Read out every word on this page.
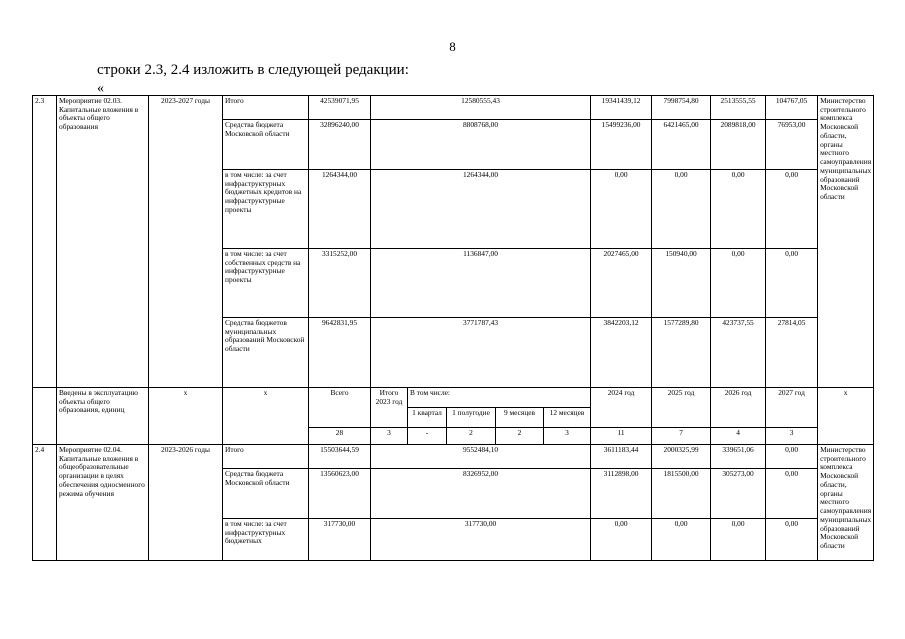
8
строки 2.3, 2.4 изложить в следующей редакции:
«
2.3	Мероприятие 02.03. Капитальные вложения в объекты общего образования	2023-2027 годы	Итого	42539071,95	12580555,43					19341439,12	7998754,80	2513555,55	104767,05	Министерство строительного комплекса Московской области, органы местного самоуправления муниципальных образований Московской области
			Средства бюджета Московской области	32896240,00	8808768,00					15499236,00	6421465,00	2089818,00	76953,00	
			в том числе: за счет инфраструктурных бюджетных кредитов на инфраструктурные проекты	1264344,00	1264344,00					0,00	0,00	0,00	0,00	
			в том числе: за счет собственных средств на инфраструктурные проекты	3315252,00	1136847,00					2027465,00	150940,00	0,00	0,00	
			Средства бюджетов муниципальных образований Московской области	9642831,95	3771787,43					3842203,12	1577289,80	423737,55	27814,05	
	Введены в эксплуатацию объекты общего образования, единиц	х	х	Всего	Итого 2023 год	В том числе:				2024 год	2025 год	2026 год	2027 год	х
						1 квартал	1 полугодие	9 месяцев	12 месяцев					
				28	3	-	2	2	3	11	7	4	3	
2.4	Мероприятие 02.04. Капитальные вложения в общеобразовательные организации в целях обеспечения односменного режима обучения	2023-2026 годы	Итого	15503644,59	9552484,10					3611183,44	2000325,99	339651,06	0,00	Министерство строительного комплекса Московской области, органы местного самоуправления муниципальных образований Московской области
			Средства бюджета Московской области	13560623,00	8326952,00					3112898,00	1815500,00	305273,00	0,00	
			в том числе: за счет инфраструктурных бюджетных	317730,00	317730,00					0,00	0,00	0,00	0,00	
